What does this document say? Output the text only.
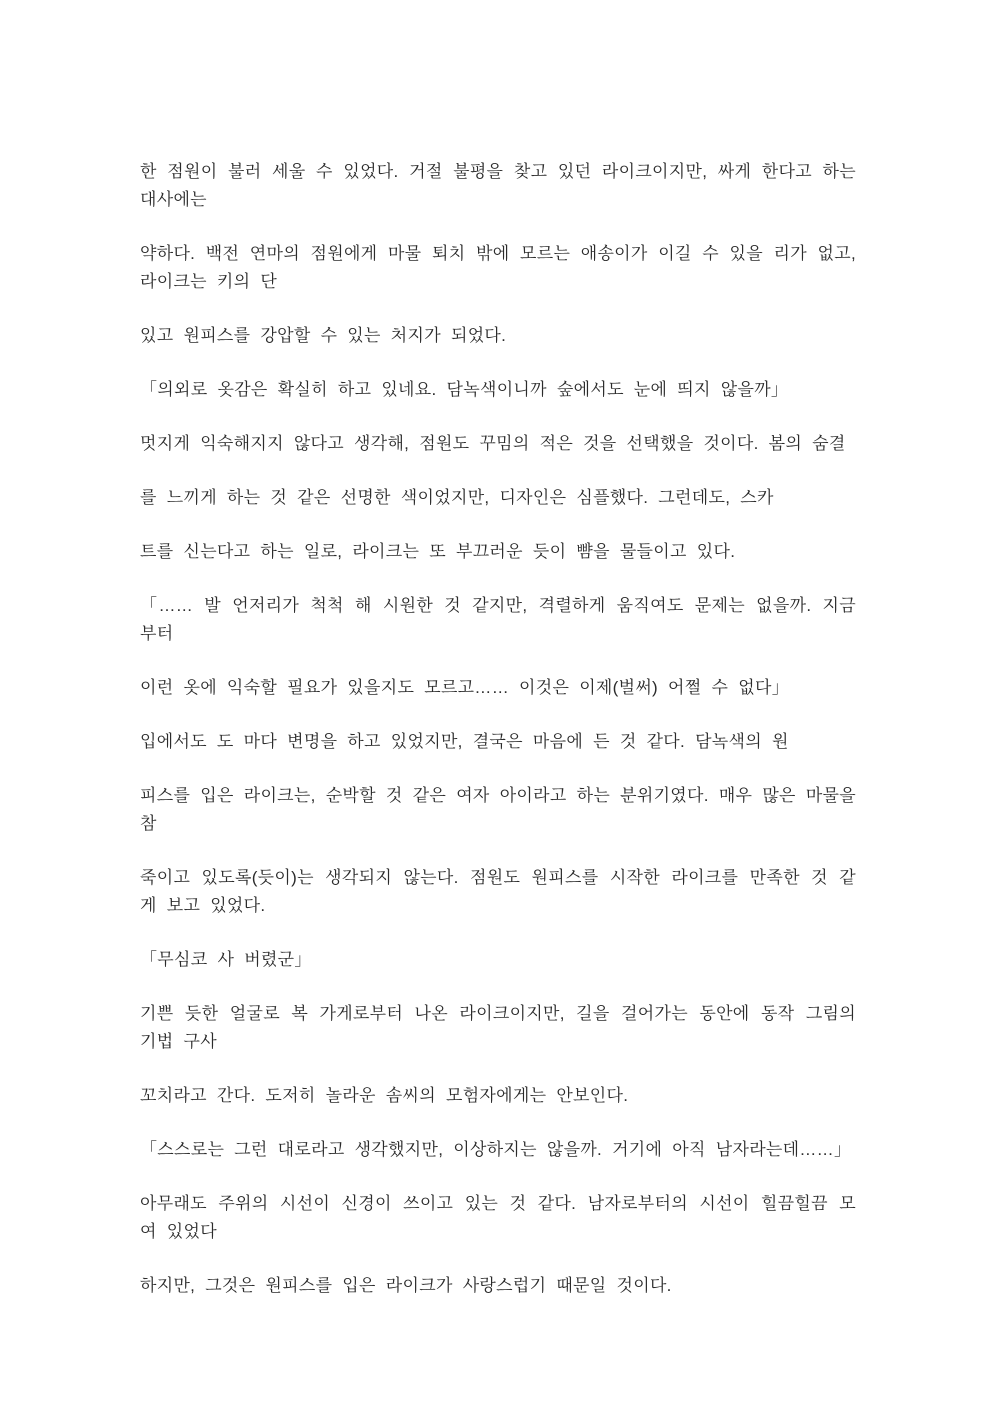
한 점원이 불러 세울 수 있었다. 거절 불평을 찾고 있던 라이크이지만, 싸게 한다고 하는 대사에는

약하다. 백전 연마의 점원에게 마물 퇴치 밖에 모르는 애송이가 이길 수 있을 리가 없고, 라이크는 키의 단

있고 원피스를 강압할 수 있는 처지가 되었다.

「의외로 옷감은 확실히 하고 있네요. 담녹색이니까 숲에서도 눈에 띄지 않을까」

멋지게 익숙해지지 않다고 생각해, 점원도 꾸밈의 적은 것을 선택했을 것이다. 봄의 숨결

를 느끼게 하는 것 같은 선명한 색이었지만, 디자인은 심플했다. 그런데도, 스카

트를 신는다고 하는 일로, 라이크는 또 부끄러운 듯이 뺨을 물들이고 있다.

「…… 발 언저리가 척척 해 시원한 것 같지만, 격렬하게 움직여도 문제는 없을까. 지금부터

이런 옷에 익숙할 필요가 있을지도 모르고…… 이것은 이제(벌써) 어쩔 수 없다」

입에서도 도 마다 변명을 하고 있었지만, 결국은 마음에 든 것 같다. 담녹색의 원

피스를 입은 라이크는, 순박할 것 같은 여자 아이라고 하는 분위기였다. 매우 많은 마물을 참

죽이고 있도록(듯이)는 생각되지 않는다. 점원도 원피스를 시작한 라이크를 만족한 것 같게 보고 있었다.

「무심코 사 버렸군」

기쁜 듯한 얼굴로 복 가게로부터 나온 라이크이지만, 길을 걸어가는 동안에 동작 그림의 기법 구사

꼬치라고 간다. 도저히 놀라운 솜씨의 모험자에게는 안보인다.

「스스로는 그런 대로라고 생각했지만, 이상하지는 않을까. 거기에 아직 남자라는데……」

아무래도 주위의 시선이 신경이 쓰이고 있는 것 같다. 남자로부터의 시선이 힐끔힐끔 모여 있었다

하지만, 그것은 원피스를 입은 라이크가 사랑스럽기 때문일 것이다.
